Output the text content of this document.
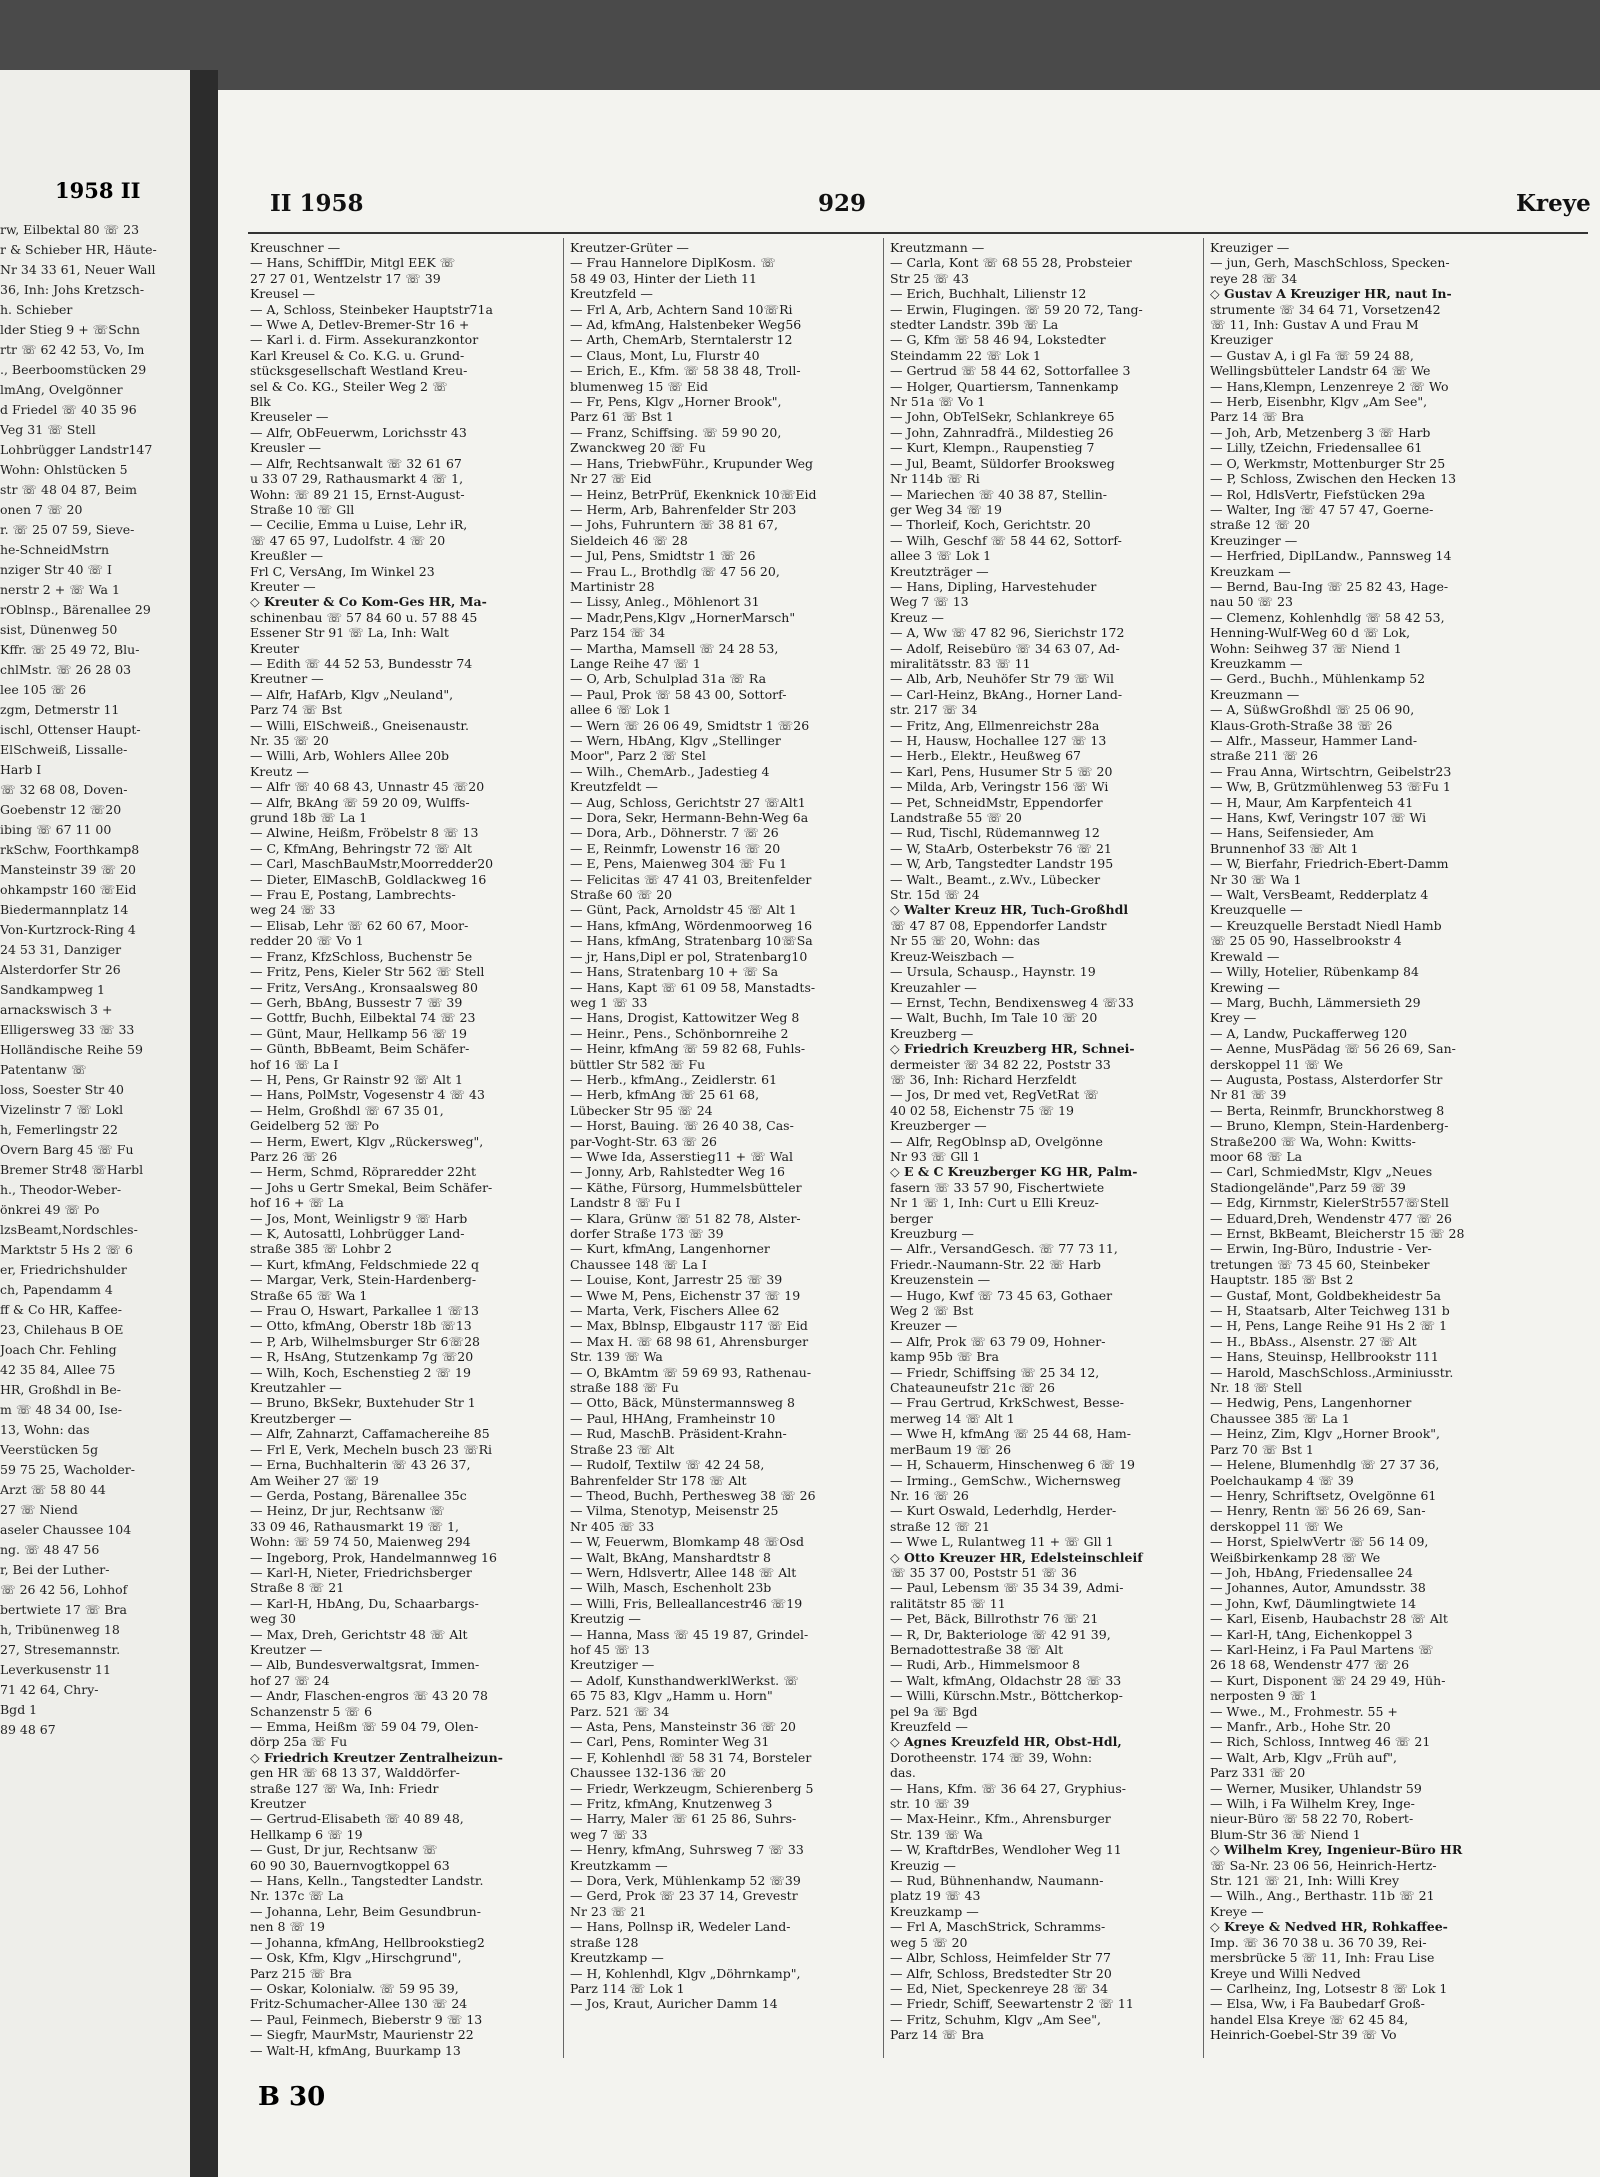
1958 II
rw, Eilbektal 80 ☏ 23
r & Schieber HR, Häute-
Nr 34 33 61, Neuer Wall
36, Inh: Johs Kretzsch-
h. Schieber
lder Stieg 9 + ☏Schn
rtr ☏ 62 42 53, Vo, Im
., Beerboomstücken 29
lmAng, Ovelgönner
d Friedel ☏ 40 35 96
Veg 31 ☏ Stell
Lohbrügger Landstr147
Wohn: Ohlstücken 5
str ☏ 48 04 87, Beim
onen 7 ☏ 20
r. ☏ 25 07 59, Sieve-
he-SchneidMstrn
nziger Str 40 ☏ I
nerstr 2 + ☏ Wa 1
rOblnsp., Bärenallee 29
sist, Dünenweg 50
Kffr. ☏ 25 49 72, Blu-
chlMstr. ☏ 26 28 03
lee 105 ☏ 26
zgm, Detmerstr 11
ischl, Ottenser Haupt-
ElSchweiß, Lissalle-
Harb I
☏ 32 68 08, Doven-
Goebenstr 12 ☏20
ibing ☏ 67 11 00
rkSchw, Foorthkamp8
Mansteinstr 39 ☏ 20
ohkampstr 160 ☏Eid
Biedermannplatz 14
Von-Kurtzrock-Ring 4
24 53 31, Danziger
Alsterdorfer Str 26
Sandkampweg 1
arnackswisch 3 +
Elligersweg 33 ☏ 33
Holländische Reihe 59
Patentanw ☏
loss, Soester Str 40
Vizelinstr 7 ☏ Lokl
h, Femerlingstr 22
Overn Barg 45 ☏ Fu
Bremer Str48 ☏Harbl
h., Theodor-Weber-
önkrei 49 ☏ Po
lzsBeamt,Nordschles-
Marktstr 5 Hs 2 ☏ 6
er, Friedrichshulder
ch, Papendamm 4
ff & Co HR, Kaffee-
23, Chilehaus B OE
Joach Chr. Fehling
42 35 84, Allee 75
HR, Großhdl in Be-
m ☏ 48 34 00, Ise-
13, Wohn: das
Veerstücken 5g
59 75 25, Wacholder-
Arzt ☏ 58 80 44
27 ☏ Niend
aseler Chaussee 104
ng. ☏ 48 47 56
r, Bei der Luther-
☏ 26 42 56, Lohhof
bertwiete 17 ☏ Bra
h, Tribünenweg 18
27, Stresemannstr.
Leverkusenstr 11
71 42 64, Chry-
Bgd 1
89 48 67
II 1958	929	Kreye
Kreuschner —
— Hans, SchiffDir, Mitgl EEK ☏
27 27 01, Wentzelstr 17 ☏ 39
Kreusel —
— A, Schloss, Steinbeker Hauptstr71a
— Wwe A, Detlev-Bremer-Str 16 +
— Karl i. d. Firm. Assekuranzkontor
Karl Kreusel & Co. K.G. u. Grund-
stücksgesellschaft Westland Kreu-
sel & Co. KG., Steiler Weg 2 ☏
Blk
Kreuseler —
— Alfr, ObFeuerwm, Lorichsstr 43
Kreusler —
— Alfr, Rechtsanwalt ☏ 32 61 67
u 33 07 29, Rathausmarkt 4 ☏ 1,
Wohn: ☏ 89 21 15, Ernst-August-
Straße 10 ☏ Gll
— Cecilie, Emma u Luise, Lehr iR,
☏ 47 65 97, Ludolfstr. 4 ☏ 20
Kreußler —
Frl C, VersAng, Im Winkel 23
Kreuter —
◇ Kreuter & Co Kom-Ges HR, Ma-
schinenbau ☏ 57 84 60 u. 57 88 45
Essener Str 91 ☏ La, Inh: Walt
Kreuter
— Edith ☏ 44 52 53, Bundesstr 74
Kreutner —
— Alfr, HafArb, Klgv „Neuland",
Parz 74 ☏ Bst
— Willi, ElSchweiß., Gneisenaustr.
Nr. 35 ☏ 20
— Willi, Arb, Wohlers Allee 20b
Kreutz —
— Alfr ☏ 40 68 43, Unnastr 45 ☏20
— Alfr, BkAng ☏ 59 20 09, Wulffs-
grund 18b ☏ La 1
— Alwine, Heißm, Fröbelstr 8 ☏ 13
— C, KfmAng, Behringstr 72 ☏ Alt
— Carl, MaschBauMstr,Moorredder20
— Dieter, ElMaschB, Goldlackweg 16
— Frau E, Postang, Lambrechts-
weg 24 ☏ 33
— Elisab, Lehr ☏ 62 60 67, Moor-
redder 20 ☏ Vo 1
— Franz, KfzSchloss, Buchenstr 5e
— Fritz, Pens, Kieler Str 562 ☏ Stell
— Fritz, VersAng., Kronsaalsweg 80
— Gerh, BbAng, Bussestr 7 ☏ 39
— Gottfr, Buchh, Eilbektal 74 ☏ 23
— Günt, Maur, Hellkamp 56 ☏ 19
— Günth, BbBeamt, Beim Schäfer-
hof 16 ☏ La I
— H, Pens, Gr Rainstr 92 ☏ Alt 1
— Hans, PolMstr, Vogesenstr 4 ☏ 43
— Helm, Großhdl ☏ 67 35 01,
Geidelberg 52 ☏ Po
— Herm, Ewert, Klgv „Rückersweg",
Parz 26 ☏ 26
— Herm, Schmd, Röpraredder 22ht
— Johs u Gertr Smekal, Beim Schäfer-
hof 16 + ☏ La
— Jos, Mont, Weinligstr 9 ☏ Harb
— K, Autosattl, Lohbrügger Land-
straße 385 ☏ Lohbr 2
— Kurt, kfmAng, Feldschmiede 22 q
— Margar, Verk, Stein-Hardenberg-
Straße 65 ☏ Wa 1
— Frau O, Hswart, Parkallee 1 ☏13
— Otto, kfmAng, Oberstr 18b ☏13
— P, Arb, Wilhelmsburger Str 6☏28
— R, HsAng, Stutzenkamp 7g ☏20
— Wilh, Koch, Eschenstieg 2 ☏ 19
Kreutzahler —
— Bruno, BkSekr, Buxtehuder Str 1
Kreutzberger —
— Alfr, Zahnarzt, Caffamachereihe 85
— Frl E, Verk, Mecheln busch 23 ☏Ri
— Erna, Buchhalterin ☏ 43 26 37,
Am Weiher 27 ☏ 19
— Gerda, Postang, Bärenallee 35c
— Heinz, Dr jur, Rechtsanw ☏
33 09 46, Rathausmarkt 19 ☏ 1,
Wohn: ☏ 59 74 50, Maienweg 294
— Ingeborg, Prok, Handelmannweg 16
— Karl-H, Nieter, Friedrichsberger
Straße 8 ☏ 21
— Karl-H, HbAng, Du, Schaarbargs-
weg 30
— Max, Dreh, Gerichtstr 48 ☏ Alt
Kreutzer —
— Alb, Bundesverwaltgsrat, Immen-
hof 27 ☏ 24
— Andr, Flaschen-engros ☏ 43 20 78
Schanzenstr 5 ☏ 6
— Emma, Heißm ☏ 59 04 79, Olen-
dörp 25a ☏ Fu
◇ Friedrich Kreutzer Zentralheizun-
gen HR ☏ 68 13 37, Walddörfer-
straße 127 ☏ Wa, Inh: Friedr
Kreutzer
— Gertrud-Elisabeth ☏ 40 89 48,
Hellkamp 6 ☏ 19
— Gust, Dr jur, Rechtsanw ☏
60 90 30, Bauernvogtkoppel 63
— Hans, Kelln., Tangstedter Landstr.
Nr. 137c ☏ La
— Johanna, Lehr, Beim Gesundbrun-
nen 8 ☏ 19
— Johanna, kfmAng, Hellbrookstieg2
— Osk, Kfm, Klgv „Hirschgrund",
Parz 215 ☏ Bra
— Oskar, Kolonialw. ☏ 59 95 39,
Fritz-Schumacher-Allee 130 ☏ 24
— Paul, Feinmech, Bieberstr 9 ☏ 13
— Siegfr, MaurMstr, Maurienstr 22
— Walt-H, kfmAng, Buurkamp 13
Kreutzer-Grüter —
— Frau Hannelore DiplKosm. ☏
58 49 03, Hinter der Lieth 11
Kreutzfeld —
— Frl A, Arb, Achtern Sand 10☏Ri
— Ad, kfmAng, Halstenbeker Weg56
— Arth, ChemArb, Sterntalerstr 12
— Claus, Mont, Lu, Flurstr 40
— Erich, E., Kfm. ☏ 58 38 48, Troll-
blumenweg 15 ☏ Eid
— Fr, Pens, Klgv „Horner Brook",
Parz 61 ☏ Bst 1
— Franz, Schiffsing. ☏ 59 90 20,
Zwanckweg 20 ☏ Fu
— Hans, TriebwFühr., Krupunder Weg
Nr 27 ☏ Eid
— Heinz, BetrPrüf, Ekenknick 10☏Eid
— Herm, Arb, Bahrenfelder Str 203
— Johs, Fuhruntern ☏ 38 81 67,
Sieldeich 46 ☏ 28
— Jul, Pens, Smidtstr 1 ☏ 26
— Frau L., Brothdlg ☏ 47 56 20,
Martinistr 28
— Lissy, Anleg., Möhlenort 31
— Madr,Pens,Klgv „HornerMarsch"
Parz 154 ☏ 34
— Martha, Mamsell ☏ 24 28 53,
Lange Reihe 47 ☏ 1
— O, Arb, Schulplad 31a ☏ Ra
— Paul, Prok ☏ 58 43 00, Sottorf-
allee 6 ☏ Lok 1
— Wern ☏ 26 06 49, Smidtstr 1 ☏26
— Wern, HbAng, Klgv „Stellinger
Moor", Parz 2 ☏ Stel
— Wilh., ChemArb., Jadestieg 4
Kreutzfeldt —
— Aug, Schloss, Gerichtstr 27 ☏Alt1
— Dora, Sekr, Hermann-Behn-Weg 6a
— Dora, Arb., Döhnerstr. 7 ☏ 26
— E, Reinmfr, Lowenstr 16 ☏ 20
— E, Pens, Maienweg 304 ☏ Fu 1
— Felicitas ☏ 47 41 03, Breitenfelder
Straße 60 ☏ 20
— Günt, Pack, Arnoldstr 45 ☏ Alt 1
— Hans, kfmAng, Wördenmoorweg 16
— Hans, kfmAng, Stratenbarg 10☏Sa
— jr, Hans,Dipl er pol, Stratenbarg10
— Hans, Stratenbarg 10 + ☏ Sa
— Hans, Kapt ☏ 61 09 58, Manstadts-
weg 1 ☏ 33
— Hans, Drogist, Kattowitzer Weg 8
— Heinr., Pens., Schönbornreihe 2
— Heinr, kfmAng ☏ 59 82 68, Fuhls-
büttler Str 582 ☏ Fu
— Herb., kfmAng., Zeidlerstr. 61
— Herb, kfmAng ☏ 25 61 68,
Lübecker Str 95 ☏ 24
— Horst, Bauing. ☏ 26 40 38, Cas-
par-Voght-Str. 63 ☏ 26
— Wwe Ida, Asserstieg11 + ☏ Wal
— Jonny, Arb, Rahlstedter Weg 16
— Käthe, Fürsorg, Hummelsbütteler
Landstr 8 ☏ Fu I
— Klara, Grünw ☏ 51 82 78, Alster-
dorfer Straße 173 ☏ 39
— Kurt, kfmAng, Langenhorner
Chaussee 148 ☏ La I
— Louise, Kont, Jarrestr 25 ☏ 39
— Wwe M, Pens, Eichenstr 37 ☏ 19
— Marta, Verk, Fischers Allee 62
— Max, Bblnsp, Elbgaustr 117 ☏ Eid
— Max H. ☏ 68 98 61, Ahrensburger
Str. 139 ☏ Wa
— O, BkAmtm ☏ 59 69 93, Rathenau-
straße 188 ☏ Fu
— Otto, Bäck, Münstermannsweg 8
— Paul, HHAng, Framheinstr 10
— Rud, MaschB. Präsident-Krahn-
Straße 23 ☏ Alt
— Rudolf, Textilw ☏ 42 24 58,
Bahrenfelder Str 178 ☏ Alt
— Theod, Buchh, Perthesweg 38 ☏ 26
— Vilma, Stenotyp, Meisenstr 25
Nr 405 ☏ 33
— W, Feuerwm, Blomkamp 48 ☏Osd
— Walt, BkAng, Manshardtstr 8
— Wern, Hdlsvertr, Allee 148 ☏ Alt
— Wilh, Masch, Eschenholt 23b
— Willi, Fris, Belleallancestr46 ☏19
Kreutzig —
— Hanna, Mass ☏ 45 19 87, Grindel-
hof 45 ☏ 13
Kreutziger —
— Adolf, KunsthandwerklWerkst. ☏
65 75 83, Klgv „Hamm u. Horn"
Parz. 521 ☏ 34
— Asta, Pens, Mansteinstr 36 ☏ 20
— Carl, Pens, Rominter Weg 31
— F, Kohlenhdl ☏ 58 31 74, Borsteler
Chaussee 132-136 ☏ 20
— Friedr, Werkzeugm, Schierenberg 5
— Fritz, kfmAng, Knutzenweg 3
— Harry, Maler ☏ 61 25 86, Suhrs-
weg 7 ☏ 33
— Henry, kfmAng, Suhrsweg 7 ☏ 33
Kreutzkamm —
— Dora, Verk, Mühlenkamp 52 ☏39
— Gerd, Prok ☏ 23 37 14, Grevestr
Nr 23 ☏ 21
— Hans, Pollnsp iR, Wedeler Land-
straße 128
Kreutzkamp —
— H, Kohlenhdl, Klgv „Döhrnkamp",
Parz 114 ☏ Lok 1
— Jos, Kraut, Auricher Damm 14
Kreutzmann —
— Carla, Kont ☏ 68 55 28, Probsteier
Str 25 ☏ 43
— Erich, Buchhalt, Lilienstr 12
— Erwin, Flugingen. ☏ 59 20 72, Tang-
stedter Landstr. 39b ☏ La
— G, Kfm ☏ 58 46 94, Lokstedter
Steindamm 22 ☏ Lok 1
— Gertrud ☏ 58 44 62, Sottorfallee 3
— Holger, Quartiersm, Tannenkamp
Nr 51a ☏ Vo 1
— John, ObTelSekr, Schlankreye 65
— John, Zahnradfrä., Mildestieg 26
— Kurt, Klempn., Raupenstieg 7
— Jul, Beamt, Süldorfer Brooksweg
Nr 114b ☏ Ri
— Mariechen ☏ 40 38 87, Stellin-
ger Weg 34 ☏ 19
— Thorleif, Koch, Gerichtstr. 20
— Wilh, Geschf ☏ 58 44 62, Sottorf-
allee 3 ☏ Lok 1
Kreutzträger —
— Hans, Dipling, Harvestehuder
Weg 7 ☏ 13
Kreuz —
— A, Ww ☏ 47 82 96, Sierichstr 172
— Adolf, Reisebüro ☏ 34 63 07, Ad-
miralitätsstr. 83 ☏ 11
— Alb, Arb, Neuhöfer Str 79 ☏ Wil
— Carl-Heinz, BkAng., Horner Land-
str. 217 ☏ 34
— Fritz, Ang, Ellmenreichstr 28a
— H, Hausw, Hochallee 127 ☏ 13
— Herb., Elektr., Heußweg 67
— Karl, Pens, Husumer Str 5 ☏ 20
— Milda, Arb, Veringstr 156 ☏ Wi
— Pet, SchneidMstr, Eppendorfer
Landstraße 55 ☏ 20
— Rud, Tischl, Rüdemannweg 12
— W, StaArb, Osterbekstr 76 ☏ 21
— W, Arb, Tangstedter Landstr 195
— Walt., Beamt., z.Wv., Lübecker
Str. 15d ☏ 24
◇ Walter Kreuz HR, Tuch-Großhdl
☏ 47 87 08, Eppendorfer Landstr
Nr 55 ☏ 20, Wohn: das
Kreuz-Weiszbach —
— Ursula, Schausp., Haynstr. 19
Kreuzahler —
— Ernst, Techn, Bendixensweg 4 ☏33
— Walt, Buchh, Im Tale 10 ☏ 20
Kreuzberg —
◇ Friedrich Kreuzberg HR, Schnei-
dermeister ☏ 34 82 22, Poststr 33
☏ 36, Inh: Richard Herzfeldt
— Jos, Dr med vet, RegVetRat ☏
40 02 58, Eichenstr 75 ☏ 19
Kreuzberger —
— Alfr, RegOblnsp aD, Ovelgönne
Nr 93 ☏ Gll 1
◇ E & C Kreuzberger KG HR, Palm-
fasern ☏ 33 57 90, Fischertwiete
Nr 1 ☏ 1, Inh: Curt u Elli Kreuz-
berger
Kreuzburg —
— Alfr., VersandGesch. ☏ 77 73 11,
Friedr.-Naumann-Str. 22 ☏ Harb
Kreuzenstein —
— Hugo, Kwf ☏ 73 45 63, Gothaer
Weg 2 ☏ Bst
Kreuzer —
— Alfr, Prok ☏ 63 79 09, Hohner-
kamp 95b ☏ Bra
— Friedr, Schiffsing ☏ 25 34 12,
Chateauneufstr 21c ☏ 26
— Frau Gertrud, KrkSchwest, Besse-
merweg 14 ☏ Alt 1
— Wwe H, kfmAng ☏ 25 44 68, Ham-
merBaum 19 ☏ 26
— H, Schauerm, Hinschenweg 6 ☏ 19
— Irming., GemSchw., Wichernsweg
Nr. 16 ☏ 26
— Kurt Oswald, Lederhdlg, Herder-
straße 12 ☏ 21
— Wwe L, Rulantweg 11 + ☏ Gll 1
◇ Otto Kreuzer HR, Edelsteinschleif
☏ 35 37 00, Poststr 51 ☏ 36
— Paul, Lebensm ☏ 35 34 39, Admi-
ralitätstr 85 ☏ 11
— Pet, Bäck, Billrothstr 76 ☏ 21
— R, Dr, Bakteriologe ☏ 42 91 39,
Bernadottestraße 38 ☏ Alt
— Rudi, Arb., Himmelsmoor 8
— Walt, kfmAng, Oldachstr 28 ☏ 33
— Willi, Kürschn.Mstr., Böttcherkop-
pel 9a ☏ Bgd
Kreuzfeld —
◇ Agnes Kreuzfeld HR, Obst-Hdl,
Dorotheenstr. 174 ☏ 39, Wohn:
das.
— Hans, Kfm. ☏ 36 64 27, Gryphius-
str. 10 ☏ 39
— Max-Heinr., Kfm., Ahrensburger
Str. 139 ☏ Wa
— W, KraftdrBes, Wendloher Weg 11
Kreuzig —
— Rud, Bühnenhandw, Naumann-
platz 19 ☏ 43
Kreuzkamp —
— Frl A, MaschStrick, Schramms-
weg 5 ☏ 20
— Albr, Schloss, Heimfelder Str 77
— Alfr, Schloss, Bredstedter Str 20
— Ed, Niet, Speckenreye 28 ☏ 34
— Friedr, Schiff, Seewartenstr 2 ☏ 11
— Fritz, Schuhm, Klgv „Am See",
Parz 14 ☏ Bra
Kreuziger —
— jun, Gerh, MaschSchloss, Specken-
reye 28 ☏ 34
◇ Gustav A Kreuziger HR, naut In-
strumente ☏ 34 64 71, Vorsetzen42
☏ 11, Inh: Gustav A und Frau M
Kreuziger
— Gustav A, i gl Fa ☏ 59 24 88,
Wellingsbütteler Landstr 64 ☏ We
— Hans,Klempn, Lenzenreye 2 ☏ Wo
— Herb, Eisenbhr, Klgv „Am See",
Parz 14 ☏ Bra
— Joh, Arb, Metzenberg 3 ☏ Harb
— Lilly, tZeichn, Friedensallee 61
— O, Werkmstr, Mottenburger Str 25
— P, Schloss, Zwischen den Hecken 13
— Rol, HdlsVertr, Fiefstücken 29a
— Walter, Ing ☏ 47 57 47, Goerne-
straße 12 ☏ 20
Kreuzinger —
— Herfried, DiplLandw., Pannsweg 14
Kreuzkam —
— Bernd, Bau-Ing ☏ 25 82 43, Hage-
nau 50 ☏ 23
— Clemenz, Kohlenhdlg ☏ 58 42 53,
Henning-Wulf-Weg 60 d ☏ Lok,
Wohn: Seihweg 37 ☏ Niend 1
Kreuzkamm —
— Gerd., Buchh., Mühlenkamp 52
Kreuzmann —
— A, SüßwGroßhdl ☏ 25 06 90,
Klaus-Groth-Straße 38 ☏ 26
— Alfr., Masseur, Hammer Land-
straße 211 ☏ 26
— Frau Anna, Wirtschtrn, Geibelstr23
— Ww, B, Grützmühlenweg 53 ☏Fu 1
— H, Maur, Am Karpfenteich 41
— Hans, Kwf, Veringstr 107 ☏ Wi
— Hans, Seifensieder, Am
Brunnenhof 33 ☏ Alt 1
— W, Bierfahr, Friedrich-Ebert-Damm
Nr 30 ☏ Wa 1
— Walt, VersBeamt, Redderplatz 4
Kreuzquelle —
— Kreuzquelle Berstadt Niedl Hamb
☏ 25 05 90, Hasselbrookstr 4
Krewald —
— Willy, Hotelier, Rübenkamp 84
Krewing —
— Marg, Buchh, Lämmersieth 29
Krey —
— A, Landw, Puckafferweg 120
— Aenne, MusPädag ☏ 56 26 69, San-
derskoppel 11 ☏ We
— Augusta, Postass, Alsterdorfer Str
Nr 81 ☏ 39
— Berta, Reinmfr, Brunckhorstweg 8
— Bruno, Klempn, Stein-Hardenberg-
Straße200 ☏ Wa, Wohn: Kwitts-
moor 68 ☏ La
— Carl, SchmiedMstr, Klgv „Neues
Stadiongelände",Parz 59 ☏ 39
— Edg, Kirnmstr, KielerStr557☏Stell
— Eduard,Dreh, Wendenstr 477 ☏ 26
— Ernst, BkBeamt, Bleicherstr 15 ☏ 28
— Erwin, Ing-Büro, Industrie - Ver-
tretungen ☏ 73 45 60, Steinbeker
Hauptstr. 185 ☏ Bst 2
— Gustaf, Mont, Goldbekheidestr 5a
— H, Staatsarb, Alter Teichweg 131 b
— H, Pens, Lange Reihe 91 Hs 2 ☏ 1
— H., BbAss., Alsenstr. 27 ☏ Alt
— Hans, Steuinsp, Hellbrookstr 111
— Harold, MaschSchloss.,Arminiusstr.
Nr. 18 ☏ Stell
— Hedwig, Pens, Langenhorner
Chaussee 385 ☏ La 1
— Heinz, Zim, Klgv „Horner Brook",
Parz 70 ☏ Bst 1
— Helene, Blumenhdlg ☏ 27 37 36,
Poelchaukamp 4 ☏ 39
— Henry, Schriftsetz, Ovelgönne 61
— Henry, Rentn ☏ 56 26 69, San-
derskoppel 11 ☏ We
— Horst, SpielwVertr ☏ 56 14 09,
Weißbirkenkamp 28 ☏ We
— Joh, HbAng, Friedensallee 24
— Johannes, Autor, Amundsstr. 38
— John, Kwf, Däumlingtwiete 14
— Karl, Eisenb, Haubachstr 28 ☏ Alt
— Karl-H, tAng, Eichenkoppel 3
— Karl-Heinz, i Fa Paul Martens ☏
26 18 68, Wendenstr 477 ☏ 26
— Kurt, Disponent ☏ 24 29 49, Hüh-
nerposten 9 ☏ 1
— Wwe., M., Frohmestr. 55 +
— Manfr., Arb., Hohe Str. 20
— Rich, Schloss, Inntweg 46 ☏ 21
— Walt, Arb, Klgv „Früh auf",
Parz 331 ☏ 20
— Werner, Musiker, Uhlandstr 59
— Wilh, i Fa Wilhelm Krey, Inge-
nieur-Büro ☏ 58 22 70, Robert-
Blum-Str 36 ☏ Niend 1
◇ Wilhelm Krey, Ingenieur-Büro HR
☏ Sa-Nr. 23 06 56, Heinrich-Hertz-
Str. 121 ☏ 21, Inh: Willi Krey
— Wilh., Ang., Berthastr. 11b ☏ 21
Kreye —
◇ Kreye & Nedved HR, Rohkaffee-
Imp. ☏ 36 70 38 u. 36 70 39, Rei-
mersbrücke 5 ☏ 11, Inh: Frau Lise
Kreye und Willi Nedved
— Carlheinz, Ing, Lotsestr 8 ☏ Lok 1
— Elsa, Ww, i Fa Baubedarf Groß-
handel Elsa Kreye ☏ 62 45 84,
Heinrich-Goebel-Str 39 ☏ Vo
B 30
